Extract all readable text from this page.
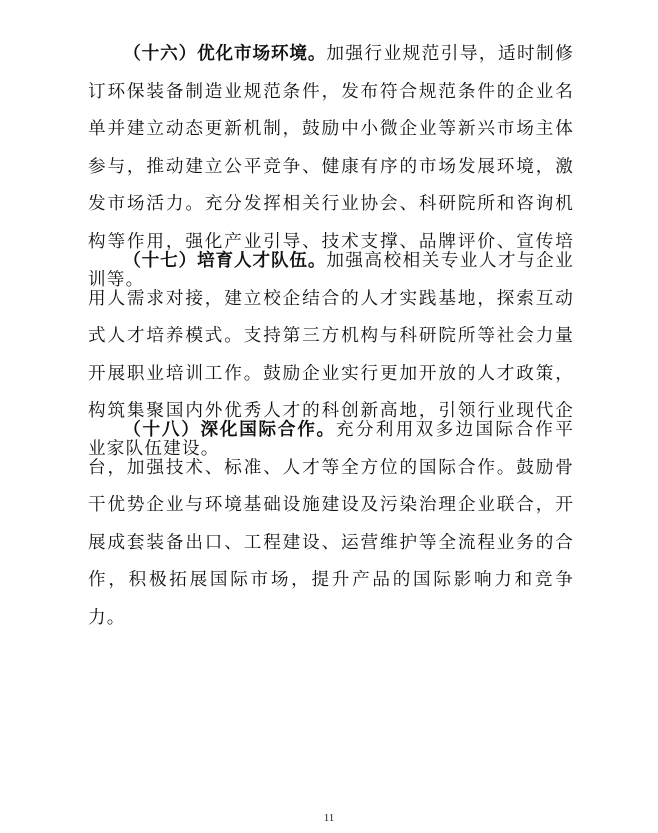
（十六）优化市场环境。加强行业规范引导，适时制修订环保装备制造业规范条件，发布符合规范条件的企业名单并建立动态更新机制，鼓励中小微企业等新兴市场主体参与，推动建立公平竞争、健康有序的市场发展环境，激发市场活力。充分发挥相关行业协会、科研院所和咨询机构等作用，强化产业引导、技术支撑、品牌评价、宣传培训等。

（十七）培育人才队伍。加强高校相关专业人才与企业用人需求对接，建立校企结合的人才实践基地，探索互动式人才培养模式。支持第三方机构与科研院所等社会力量开展职业培训工作。鼓励企业实行更加开放的人才政策，构筑集聚国内外优秀人才的科创新高地，引领行业现代企业家队伍建设。

（十八）深化国际合作。充分利用双多边国际合作平台，加强技术、标准、人才等全方位的国际合作。鼓励骨干优势企业与环境基础设施建设及污染治理企业联合，开展成套装备出口、工程建设、运营维护等全流程业务的合作，积极拓展国际市场，提升产品的国际影响力和竞争力。

11
